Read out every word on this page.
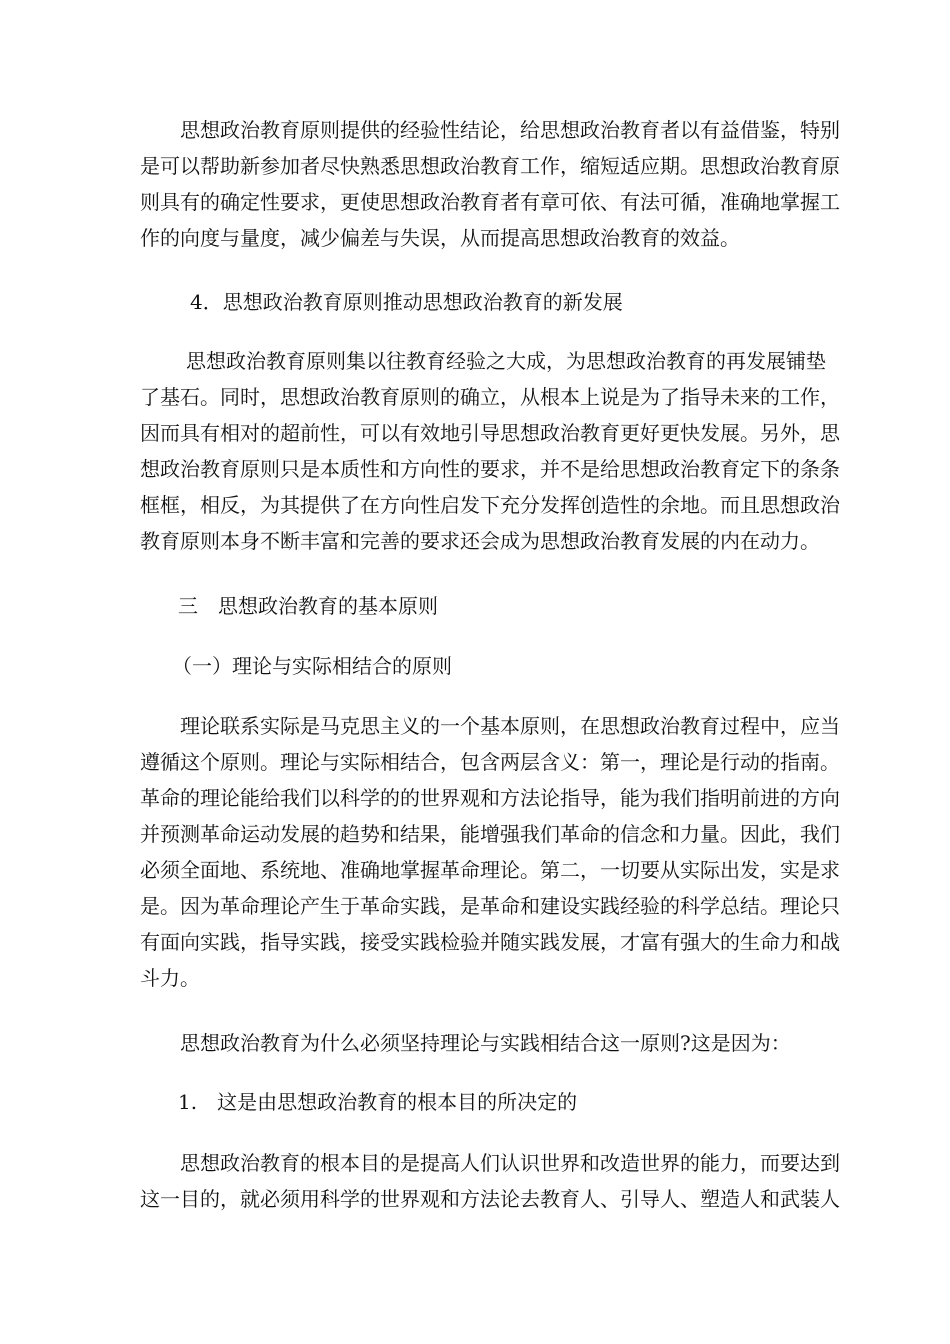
思想政治教育原则提供的经验性结论，给思想政治教育者以有益借鉴，特别
是可以帮助新参加者尽快熟悉思想政治教育工作，缩短适应期。思想政治教育原
则具有的确定性要求，更使思想政治教育者有章可依、有法可循，准确地掌握工
作的向度与量度，减少偏差与失误，从而提高思想政治教育的效益。
4．思想政治教育原则推动思想政治教育的新发展
思想政治教育原则集以往教育经验之大成，为思想政治教育的再发展铺垫
了基石。同时，思想政治教育原则的确立，从根本上说是为了指导未来的工作，
因而具有相对的超前性，可以有效地引导思想政治教育更好更快发展。另外，思
想政治教育原则只是本质性和方向性的要求，并不是给思想政治教育定下的条条
框框，相反，为其提供了在方向性启发下充分发挥创造性的余地。而且思想政治
教育原则本身不断丰富和完善的要求还会成为思想政治教育发展的内在动力。
三　思想政治教育的基本原则
（一）理论与实际相结合的原则
理论联系实际是马克思主义的一个基本原则，在思想政治教育过程中，应当
遵循这个原则。理论与实际相结合，包含两层含义：第一，理论是行动的指南。
革命的理论能给我们以科学的的世界观和方法论指导，能为我们指明前进的方向
并预测革命运动发展的趋势和结果，能增强我们革命的信念和力量。因此，我们
必须全面地、系统地、准确地掌握革命理论。第二，一切要从实际出发，实是求
是。因为革命理论产生于革命实践，是革命和建设实践经验的科学总结。理论只
有面向实践，指导实践，接受实践检验并随实践发展，才富有强大的生命力和战
斗力。
思想政治教育为什么必须坚持理论与实践相结合这一原则?这是因为：
1.　这是由思想政治教育的根本目的所决定的
思想政治教育的根本目的是提高人们认识世界和改造世界的能力，而要达到
这一目的，就必须用科学的世界观和方法论去教育人、引导人、塑造人和武装人
